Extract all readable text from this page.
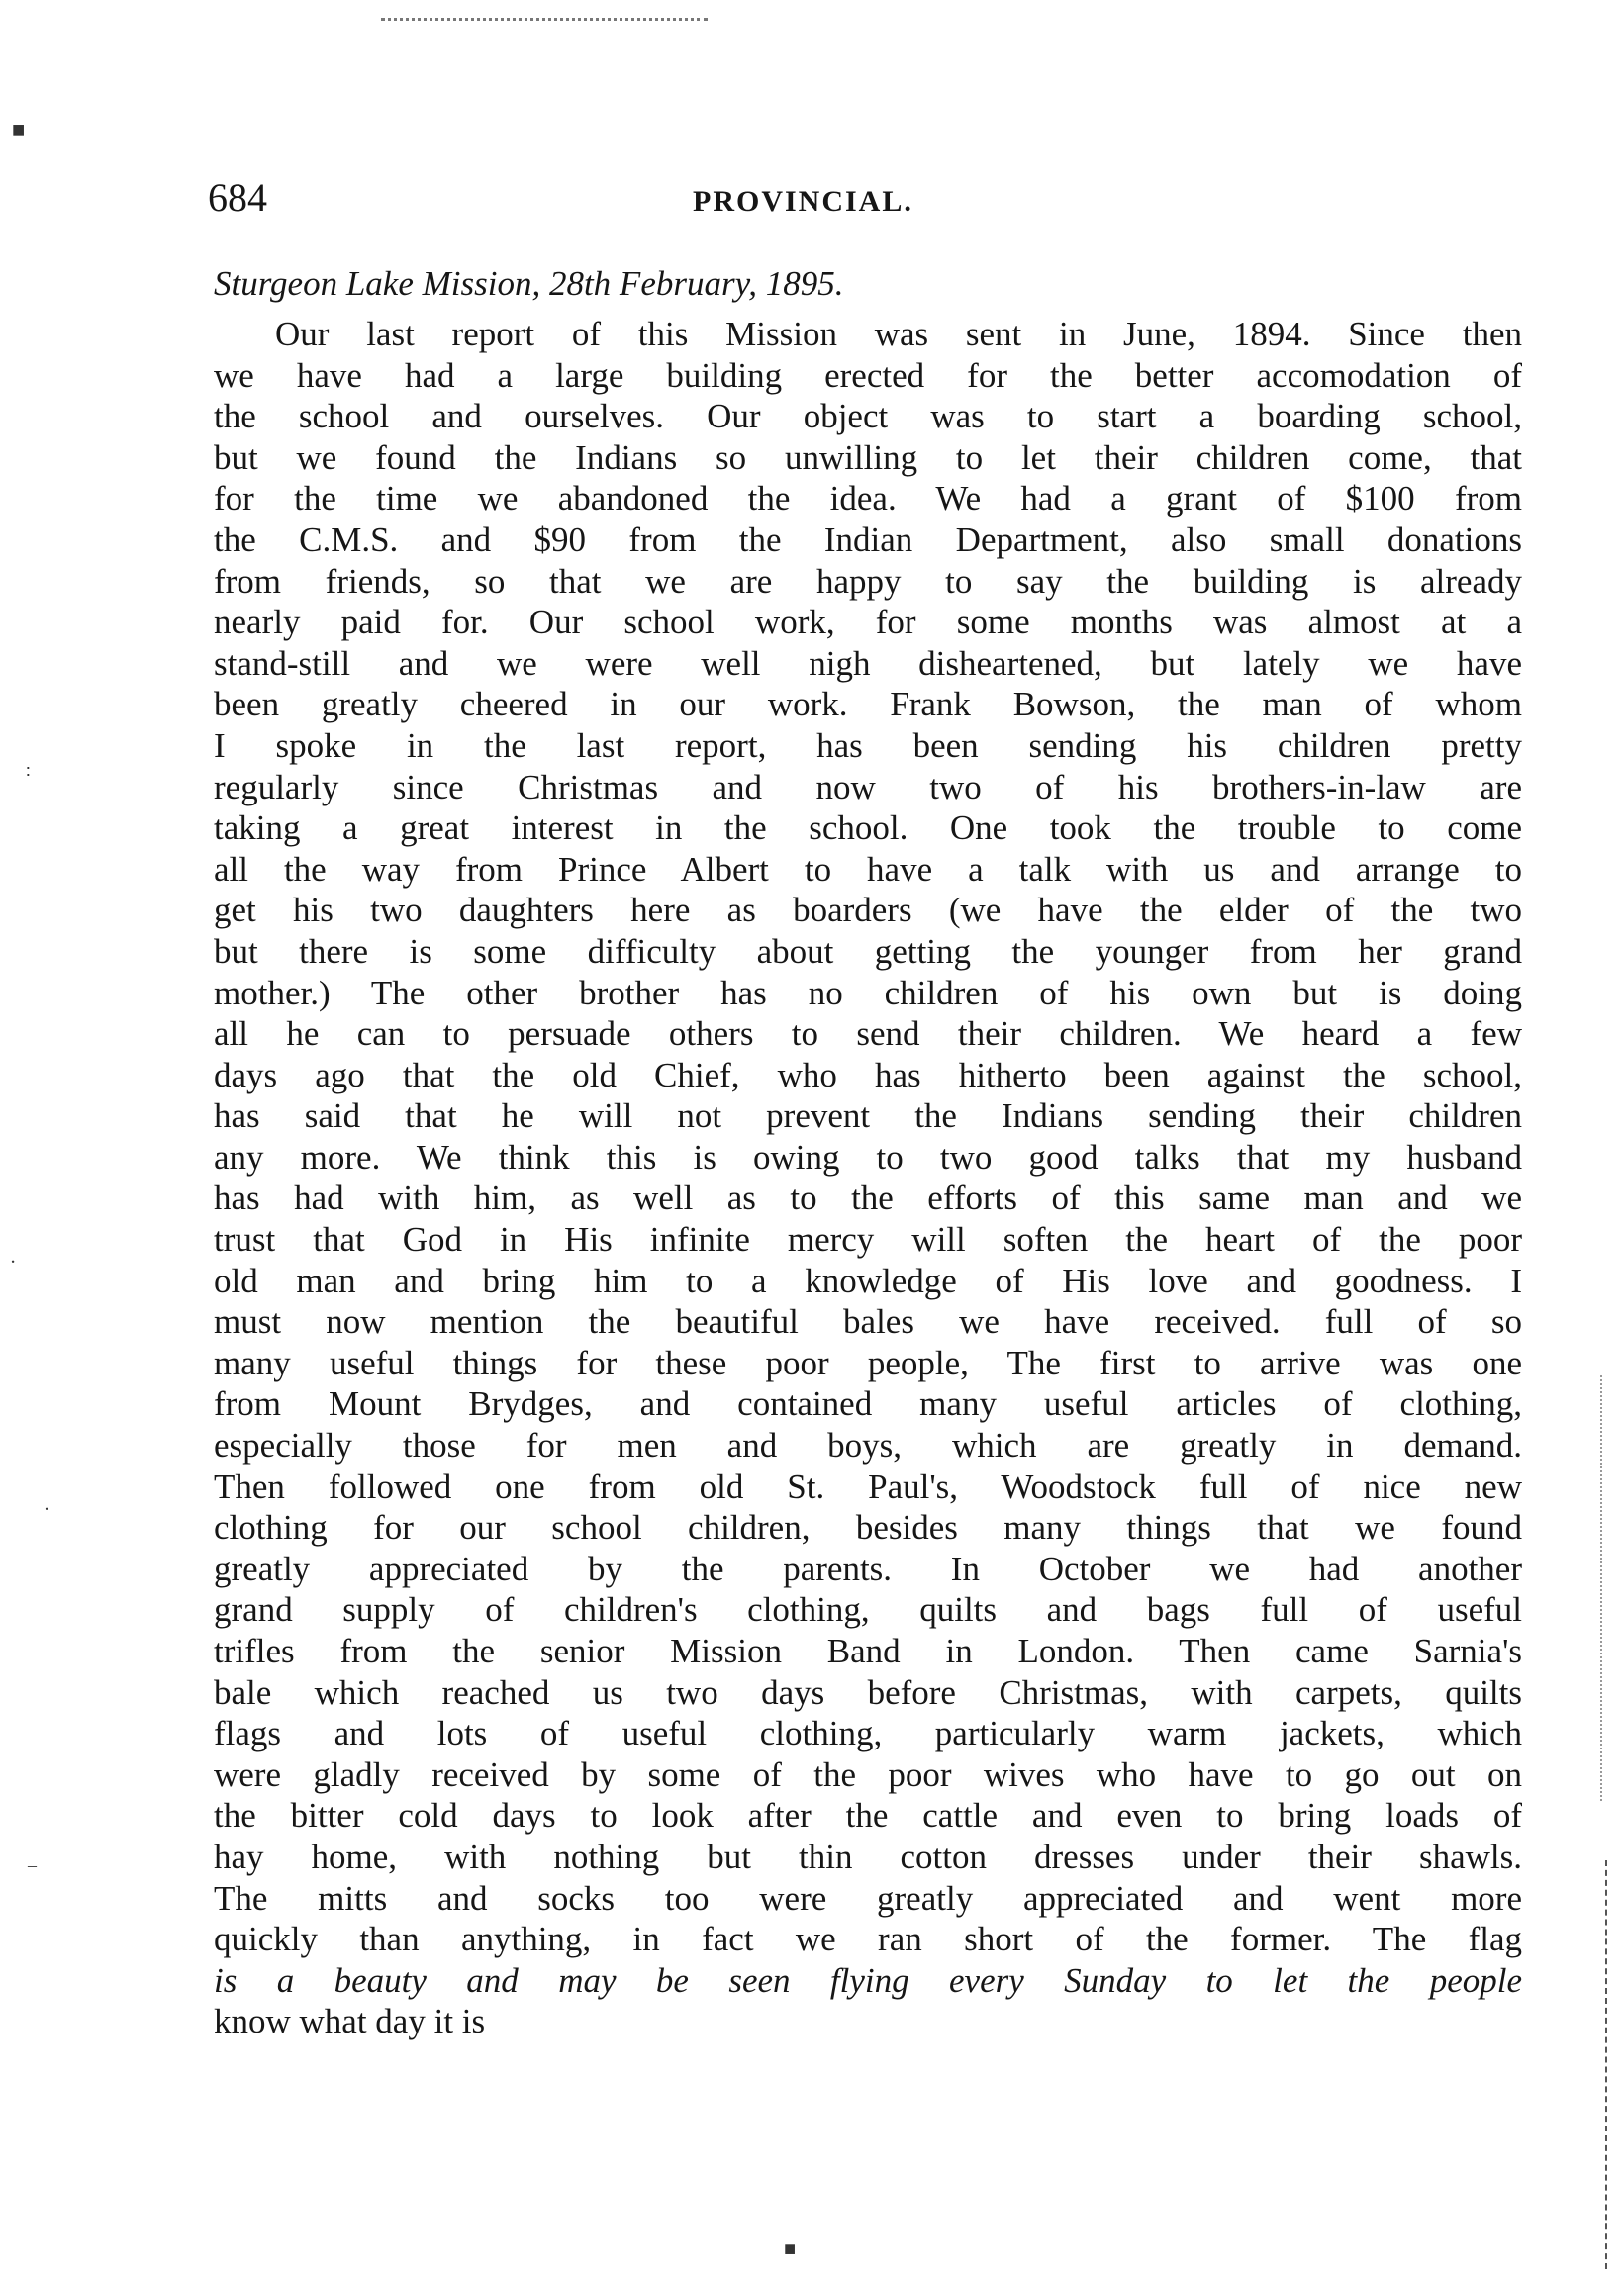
■
∶
⋅
⋅
–
■
684	PROVINCIAL.
Sturgeon Lake Mission, 28th February, 1895.
Our last report of this Mission was sent in June, 1894. Since then
we have had a large building erected for the better accomodation of
the school and ourselves. Our object was to start a boarding school,
but we found the Indians so unwilling to let their children come, that
for the time we abandoned the idea. We had a grant of $100 from
the C.M.S. and $90 from the Indian Department, also small donations
from friends, so that we are happy to say the building is already
nearly paid for. Our school work, for some months was almost at a
stand-still and we were well nigh disheartened, but lately we have
been greatly cheered in our work. Frank Bowson, the man of whom
I spoke in the last report, has been sending his children pretty
regularly since Christmas and now two of his brothers-in-law are
taking a great interest in the school. One took the trouble to come
all the way from Prince Albert to have a talk with us and arrange to
get his two daughters here as boarders (we have the elder of the two
but there is some difficulty about getting the younger from her grand
mother.) The other brother has no children of his own but is doing
all he can to persuade others to send their children. We heard a few
days ago that the old Chief, who has hitherto been against the school,
has said that he will not prevent the Indians sending their children
any more. We think this is owing to two good talks that my husband
has had with him, as well as to the efforts of this same man and we
trust that God in His infinite mercy will soften the heart of the poor
old man and bring him to a knowledge of His love and goodness. I
must now mention the beautiful bales we have received. full of so
many useful things for these poor people, The first to arrive was one
from Mount Brydges, and contained many useful articles of clothing,
especially those for men and boys, which are greatly in demand.
Then followed one from old St. Paul's, Woodstock full of nice new
clothing for our school children, besides many things that we found
greatly appreciated by the parents. In October we had another
grand supply of children's clothing, quilts and bags full of useful
trifles from the senior Mission Band in London. Then came Sarnia's
bale which reached us two days before Christmas, with carpets, quilts
flags and lots of useful clothing, particularly warm jackets, which
were gladly received by some of the poor wives who have to go out on
the bitter cold days to look after the cattle and even to bring loads of
hay home, with nothing but thin cotton dresses under their shawls.
The mitts and socks too were greatly appreciated and went more
quickly than anything, in fact we ran short of the former. The flag
is a beauty and may be seen flying every Sunday to let the people
know what day it is
